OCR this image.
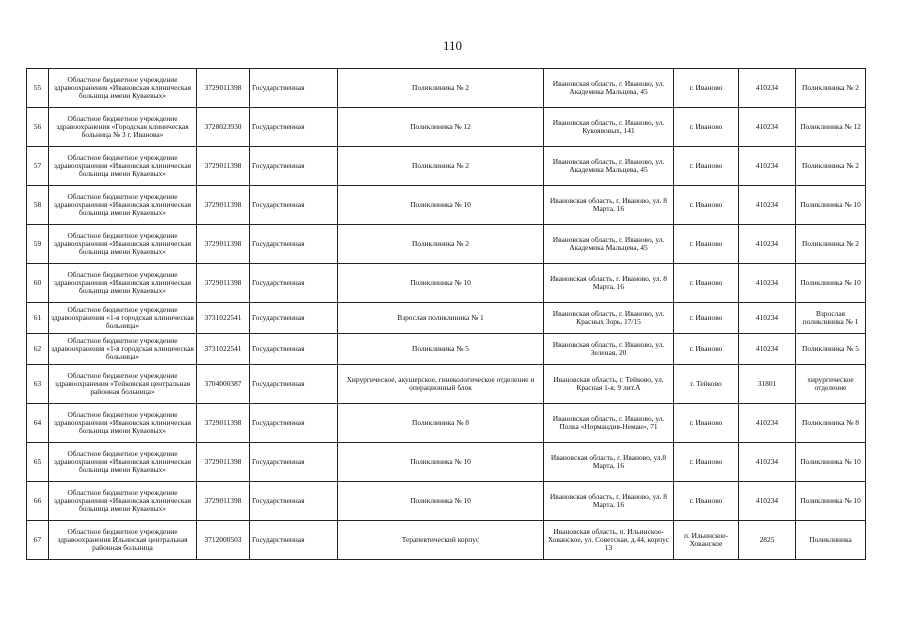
110
55	Областное бюджетное учреждение здравоохранения «Ивановская клиническая больница имени Куваевых»	3729011398	Государственная	Поликлиника № 2	Ивановская область, г. Иваново, ул. Академика Мальцева, 45	г. Иваново	410234	Поликлиника № 2
56	Областное бюджетное учреждение здравоохранения «Городская клиническая больница № 3 г. Иванова»	3728023930	Государственная	Поликлиника № 12	Ивановская область, г. Иваново, ул. Кукоявовых, 141	г. Иваново	410234	Поликлиника № 12
57	Областное бюджетное учреждение здравоохранения «Ивановская клиническая больница имени Куваевых»	3729011398	Государственная	Поликлиника № 2	Ивановская область, г. Иваново, ул. Академика Мальцева, 45	г. Иваново	410234	Поликлиника № 2
58	Областное бюджетное учреждение здравоохранения «Ивановская клиническая больница имени Куваевых»	3729011398	Государственная	Поликлиника № 10	Ивановская область, г. Иваново, ул. 8 Марта, 16	г. Иваново	410234	Поликлиника № 10
59	Областное бюджетное учреждение здравоохранения «Ивановская клиническая больница имени Куваевых»	3729011398	Государственная	Поликлиника № 2	Ивановская область, г. Иваново, ул. Академика Мальцева, 45	г. Иваново	410234	Поликлиника № 2
60	Областное бюджетное учреждение здравоохранения «Ивановская клиническая больница имени Куваевых»	3729011398	Государственная	Поликлиника № 10	Ивановская область, г. Иваново, ул. 8 Марта, 16	г. Иваново	410234	Поликлиника № 10
61	Областное бюджетное учреждение здравоохранения «1-я городская клиническая больница»	3731022541	Государственная	Взрослая поликлиника № 1	Ивановская область, г. Иваново, ул. Красных Зорь, 17/15	г. Иваново	410234	Взрослая поликлиника № 1
62	Областное бюджетное учреждение здравоохранения «1-я городская клиническая больница»	3731022541	Государственная	Поликлиника № 5	Ивановская область, г. Иваново, ул. Зеленая, 20	г. Иваново	410234	Поликлиника № 5
63	Областное бюджетное учреждение здравоохранения «Тейковская центральная районная больница»	3704000387	Государственная	Хирургическое, акушерское, гинекологическое отделение и операционный блок	Ивановская область, г. Тейково, ул. Красная 1-я, 9 лит.А	г. Тейково	31801	хирургическое отделение
64	Областное бюджетное учреждение здравоохранения «Ивановская клиническая больница имени Куваевых»	3729011398	Государственная	Поликлиника № 8	Ивановская область, г. Иваново, ул. Полка «Нормандия-Неман», 71	г. Иваново	410234	Поликлиника № 8
65	Областное бюджетное учреждение здравоохранения «Ивановская клиническая больница имени Куваевых»	3729011398	Государственная	Поликлиника № 10	Ивановская область, г. Иваново, ул.8 Марта, 16	г. Иваново	410234	Поликлиника № 10
66	Областное бюджетное учреждение здравоохранения «Ивановская клиническая больница имени Куваевых»	3729011398	Государственная	Поликлиника № 10	Ивановская область, г. Иваново, ул. 8 Марта, 16	г. Иваново	410234	Поликлиника № 10
67	Областное бюджетное учреждение здравоохранения Ильинская центральная районная больница	3712000503	Государственная	Терапевтический корпус	Ивановская область, п. Ильинское-Хованское, ул. Советская, д.44, корпус 13	п. Ильинское-Хованское	2825	Поликлиника
